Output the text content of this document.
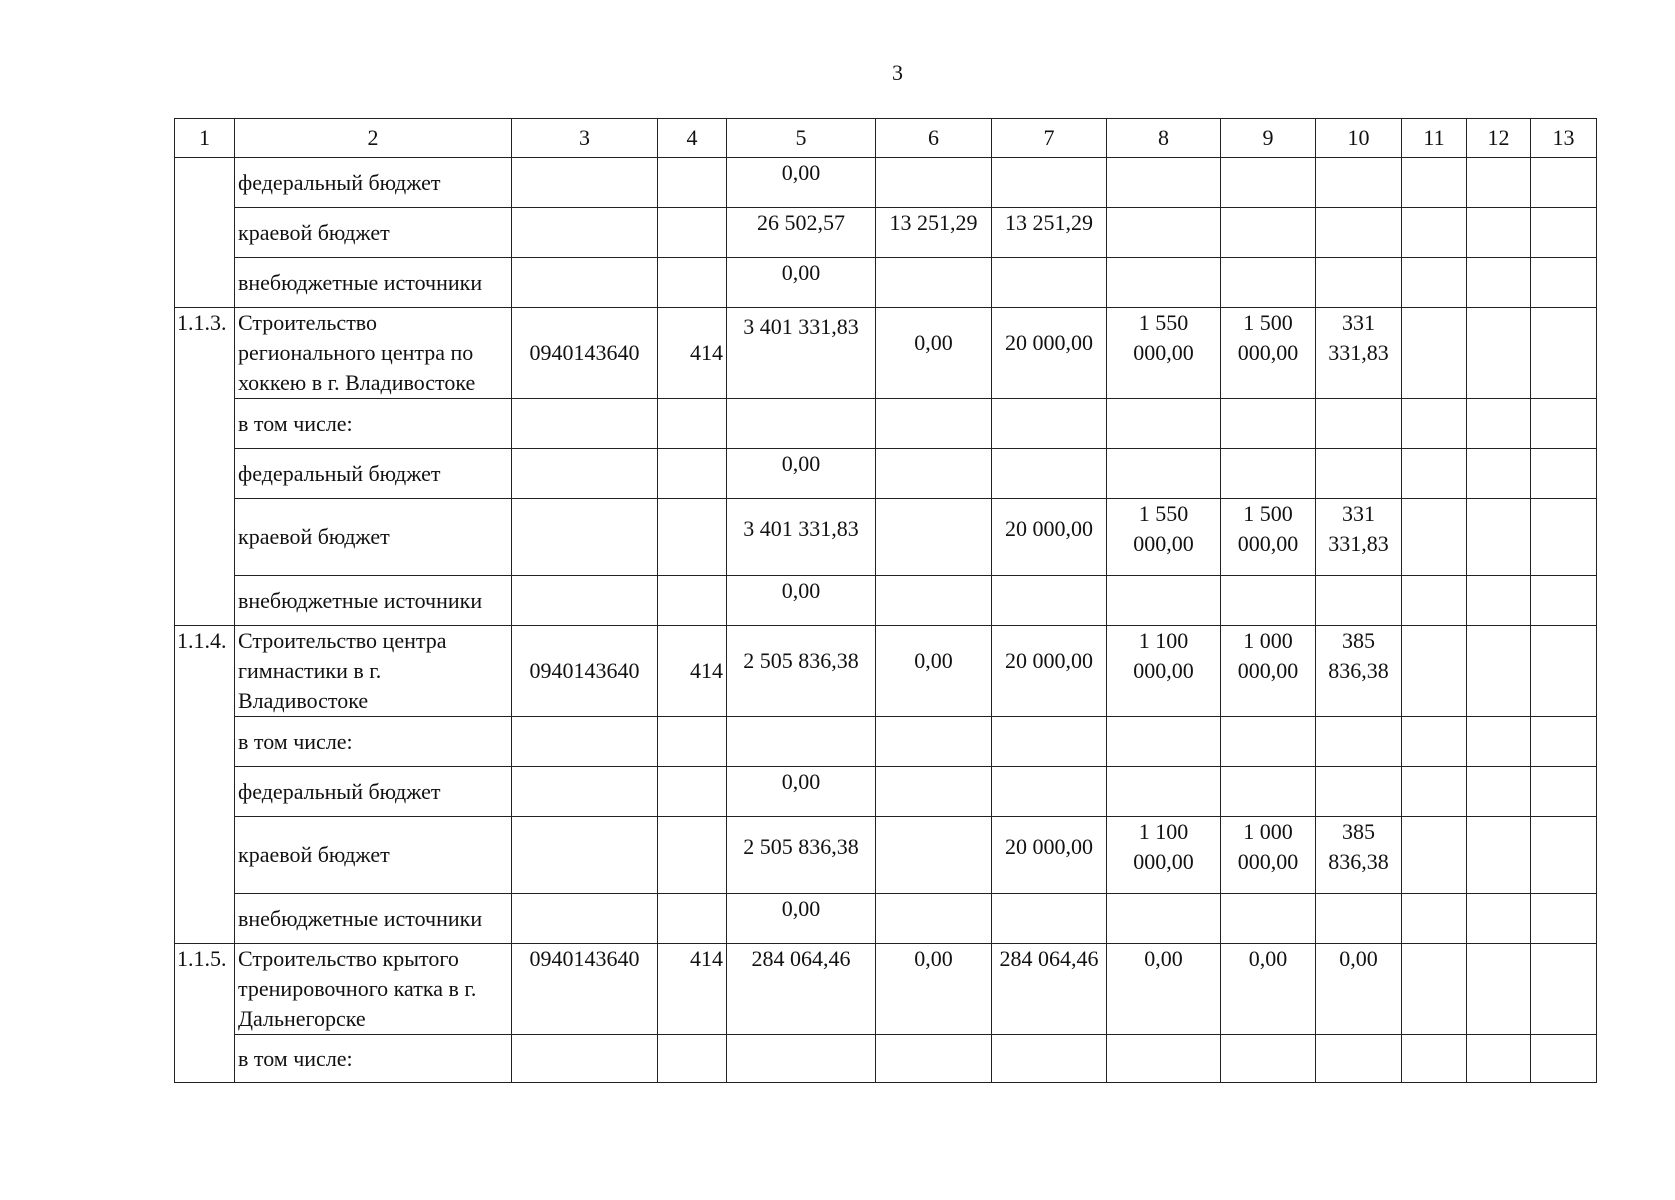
3
1	2	3	4	5	6	7	8	9	10	11	12	13
	федеральный бюджет			0,00								
	краевой бюджет			26 502,57	13 251,29	13 251,29						
	внебюджетные источники			0,00								
1.1.3.	Строительство регионального центра по хоккею в г. Владивостоке	0940143640	414	3 401 331,83	0,00	20 000,00	1 550 000,00	1 500 000,00	331 331,83			
	в том числе:											
	федеральный бюджет			0,00								
	краевой бюджет			3 401 331,83		20 000,00	1 550 000,00	1 500 000,00	331 331,83			
	внебюджетные источники			0,00								
1.1.4.	Строительство центра гимнастики в г. Владивостоке	0940143640	414	2 505 836,38	0,00	20 000,00	1 100 000,00	1 000 000,00	385 836,38			
	в том числе:											
	федеральный бюджет			0,00								
	краевой бюджет			2 505 836,38		20 000,00	1 100 000,00	1 000 000,00	385 836,38			
	внебюджетные источники			0,00								
1.1.5.	Строительство крытого тренировочного катка в г. Дальнегорске	0940143640	414	284 064,46	0,00	284 064,46	0,00	0,00	0,00			
	в том числе:											
